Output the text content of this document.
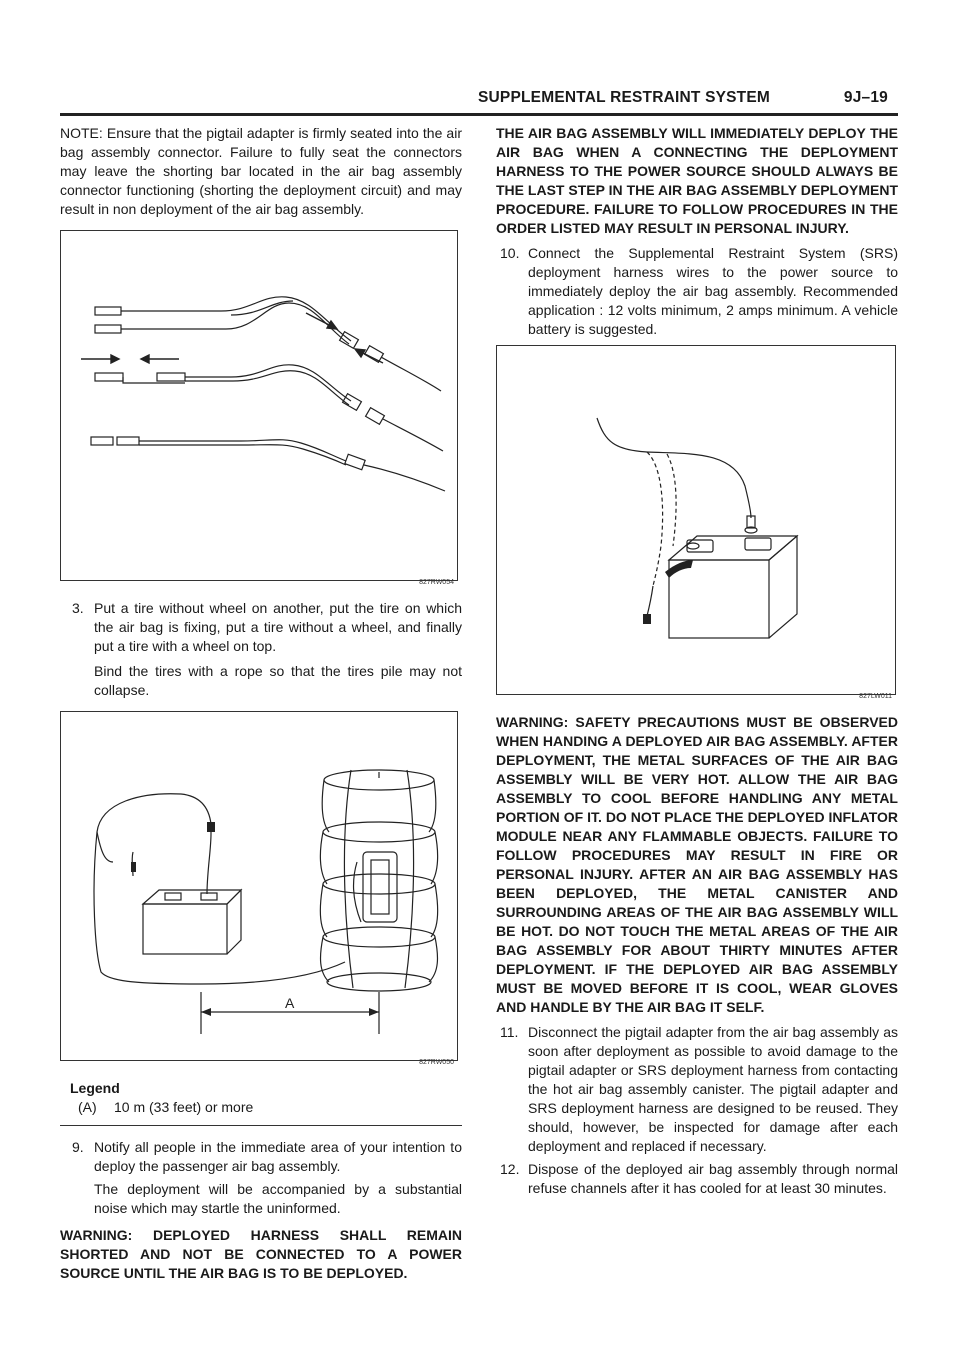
SUPPLEMENTAL RESTRAINT SYSTEM	9J–19

NOTE: Ensure that the pigtail adapter is firmly seated into the air bag assembly connector. Failure to fully seat the connectors may leave the shorting bar located in the air bag assembly connector functioning (shorting the deployment circuit) and may result in non deployment of the air bag assembly.

827RW054
3. Put a tire without wheel on another, put the tire on which the air bag is fixing, put a tire without a wheel, and finally put a tire with a wheel on top.

Bind the tires with a rope so that the tires pile may not collapse.

A
827RW050
Legend
(A)	10 m (33 feet) or more
9. Notify all people in the immediate area of your intention to deploy the passenger air bag assembly.

The deployment will be accompanied by a substantial noise which may startle the uninformed.

WARNING: DEPLOYED HARNESS SHALL REMAIN SHORTED AND NOT BE CONNECTED TO A POWER SOURCE UNTIL THE AIR BAG IS TO BE DEPLOYED.

THE AIR BAG ASSEMBLY WILL IMMEDIATELY DEPLOY THE AIR BAG WHEN A CONNECTING THE DEPLOYMENT HARNESS TO THE POWER SOURCE SHOULD ALWAYS BE THE LAST STEP IN THE AIR BAG ASSEMBLY DEPLOYMENT PROCEDURE. FAILURE TO FOLLOW PROCEDURES IN THE ORDER LISTED MAY RESULT IN PERSONAL INJURY.

10. Connect the Supplemental Restraint System (SRS) deployment harness wires to the power source to immediately deploy the air bag assembly. Recommended application : 12 volts minimum, 2 amps minimum. A vehicle battery is suggested.

827LW011

WARNING: SAFETY PRECAUTIONS MUST BE OBSERVED WHEN HANDING A DEPLOYED AIR BAG ASSEMBLY. AFTER DEPLOYMENT, THE METAL SURFACES OF THE AIR BAG ASSEMBLY WILL BE VERY HOT. ALLOW THE AIR BAG ASSEMBLY TO COOL BEFORE HANDLING ANY METAL PORTION OF IT. DO NOT PLACE THE DEPLOYED INFLATOR MODULE NEAR ANY FLAMMABLE OBJECTS. FAILURE TO FOLLOW PROCEDURES MAY RESULT IN FIRE OR PERSONAL INJURY. AFTER AN AIR BAG ASSEMBLY HAS BEEN DEPLOYED, THE METAL CANISTER AND SURROUNDING AREAS OF THE AIR BAG ASSEMBLY WILL BE HOT. DO NOT TOUCH THE METAL AREAS OF THE AIR BAG ASSEMBLY FOR ABOUT THIRTY MINUTES AFTER DEPLOYMENT. IF THE DEPLOYED AIR BAG ASSEMBLY MUST BE MOVED BEFORE IT IS COOL, WEAR GLOVES AND HANDLE BY THE AIR BAG IT SELF.

11. Disconnect the pigtail adapter from the air bag assembly as soon after deployment as possible to avoid damage to the pigtail adapter or SRS deployment harness from contacting the hot air bag assembly canister. The pigtail adapter and SRS deployment harness are designed to be reused. They should, however, be inspected for damage after each deployment and replaced if necessary.

12. Dispose of the deployed air bag assembly through normal refuse channels after it has cooled for at least 30 minutes.
